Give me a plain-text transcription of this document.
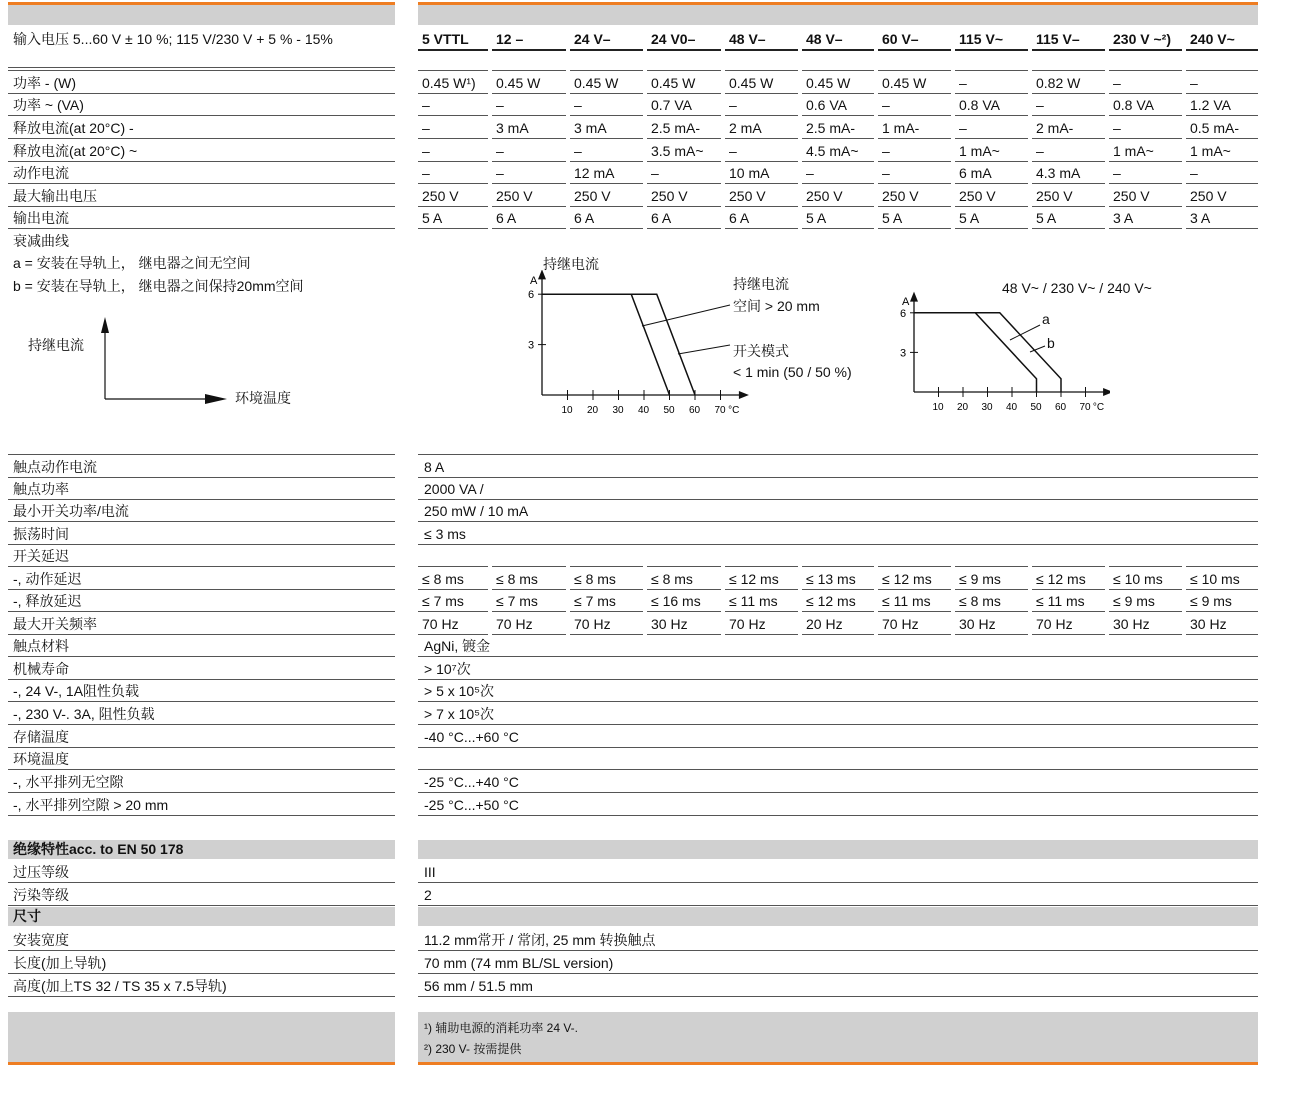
输入电压 5...60 V ± 10 %; 115 V/230 V + 5 % - 15%	5 VTTL	12 –	24 V–	24 V0–	48 V–	48 V–	60 V–	115 V~	115 V–	230 V ~²)	240 V~
功率 - (W)	0.45 W¹)	0.45 W	0.45 W	0.45 W	0.45 W	0.45 W	0.45 W	–	0.82 W	–	–
功率 ~ (VA)	–	–	–	0.7 VA	–	0.6 VA	–	0.8 VA	–	0.8 VA	1.2 VA
释放电流(at 20°C) -	–	3 mA	3 mA	2.5 mA-	2 mA	2.5 mA-	1 mA-	–	2 mA-	–	0.5 mA-
释放电流(at 20°C) ~	–	–	–	3.5 mA~	–	4.5 mA~	–	1 mA~	–	1 mA~	1 mA~
动作电流	–	–	12 mA	–	10 mA	–	–	6 mA	4.3 mA	–	–
最大输出电压	250 V	250 V	250 V	250 V	250 V	250 V	250 V	250 V	250 V	250 V	250 V
输出电流	5 A	6 A	6 A	6 A	6 A	5 A	5 A	5 A	5 A	3 A	3 A
衰减曲线
a = 安装在导轨上， 继电器之间无空间
b = 安装在导轨上， 继电器之间保持20mm空间
持继电流
环境温度
持继电流
持继电流
空间 > 20 mm
开关模式
< 1 min (50 / 50 %)
A
3
6
10 20 30 40 50 60 70 °C
48 V~ / 230 V~ / 240 V~
a
b
A
3
6
10 20 30 40 50 60 70 °C
触点动作电流	8 A
触点功率	2000 VA /
最小开关功率/电流	250 mW / 10 mA
振荡时间	≤ 3 ms
开关延迟
-, 动作延迟	≤ 8 ms	≤ 8 ms	≤ 8 ms	≤ 8 ms	≤ 12 ms	≤ 13 ms	≤ 12 ms	≤ 9 ms	≤ 12 ms	≤ 10 ms	≤ 10 ms
-, 释放延迟	≤ 7 ms	≤ 7 ms	≤ 7 ms	≤ 16 ms	≤ 11 ms	≤ 12 ms	≤ 11 ms	≤ 8 ms	≤ 11 ms	≤ 9 ms	≤ 9 ms
最大开关频率	70 Hz	70 Hz	70 Hz	30 Hz	70 Hz	20 Hz	70 Hz	30 Hz	70 Hz	30 Hz	30 Hz
触点材料	AgNi, 镀金
机械寿命	> 10⁷次
-, 24 V-, 1A阻性负载	> 5 x 10⁵次
-, 230 V-. 3A, 阻性负载	> 7 x 10⁵次
存储温度	-40 °C...+60 °C
环境温度
-, 水平排列无空隙	-25 °C...+40 °C
-, 水平排列空隙 > 20 mm	-25 °C...+50 °C
绝缘特性acc. to EN 50 178
过压等级	III
污染等级	2
尺寸
安装宽度	11.2 mm常开 / 常闭, 25 mm 转换触点
长度(加上导轨)	70 mm (74 mm BL/SL version)
高度(加上TS 32 / TS 35 x 7.5导轨)	56 mm / 51.5 mm
¹) 辅助电源的消耗功率 24 V-.
²) 230 V- 按需提供
